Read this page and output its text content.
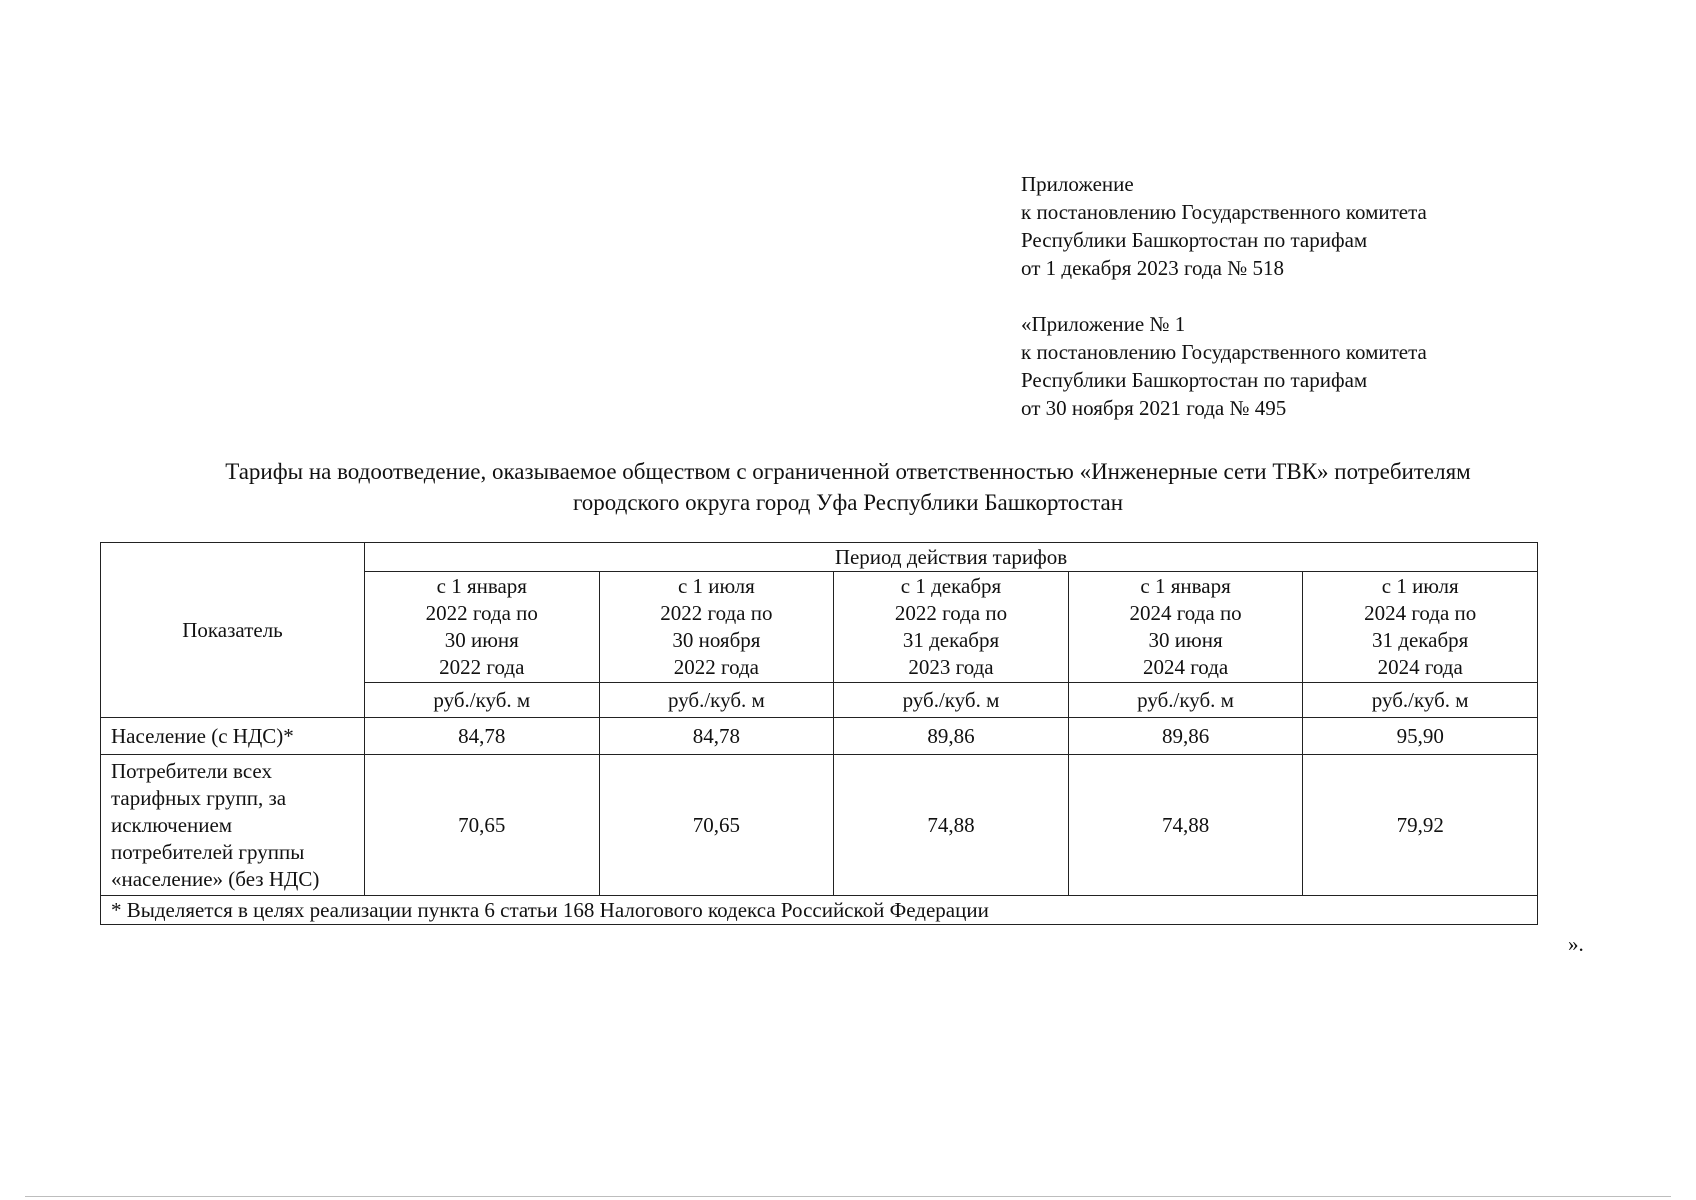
Приложение
к постановлению Государственного комитета
Республики Башкортостан по тарифам
от 1 декабря 2023 года № 518
«Приложение № 1
к постановлению Государственного комитета
Республики Башкортостан по тарифам
от 30 ноября 2021 года № 495
Тарифы на водоотведение, оказываемое обществом с ограниченной ответственностью «Инженерные сети ТВК» потребителям
городского округа город Уфа Республики Башкортостан
Показатель	Период действия тарифов				

	с 1 января
2022 года по
30 июня
2022 года	с 1 июля
2022 года по
30 ноября
2022 года	с 1 декабря
2022 года по
31 декабря
2023 года	с 1 января
2024 года по
30 июня
2024 года	с 1 июля
2024 года по
31 декабря
2024 года

	руб./куб. м	руб./куб. м	руб./куб. м	руб./куб. м	руб./куб. м

Население (с НДС)*	84,78	84,78	89,86	89,86	95,90

Потребители всех
тарифных групп, за
исключением
потребителей группы
«население» (без НДС)	70,65	70,65	74,88	74,88	79,92
* Выделяется в целях реализации пункта 6 статьи 168 Налогового кодекса Российской Федерации					
».
